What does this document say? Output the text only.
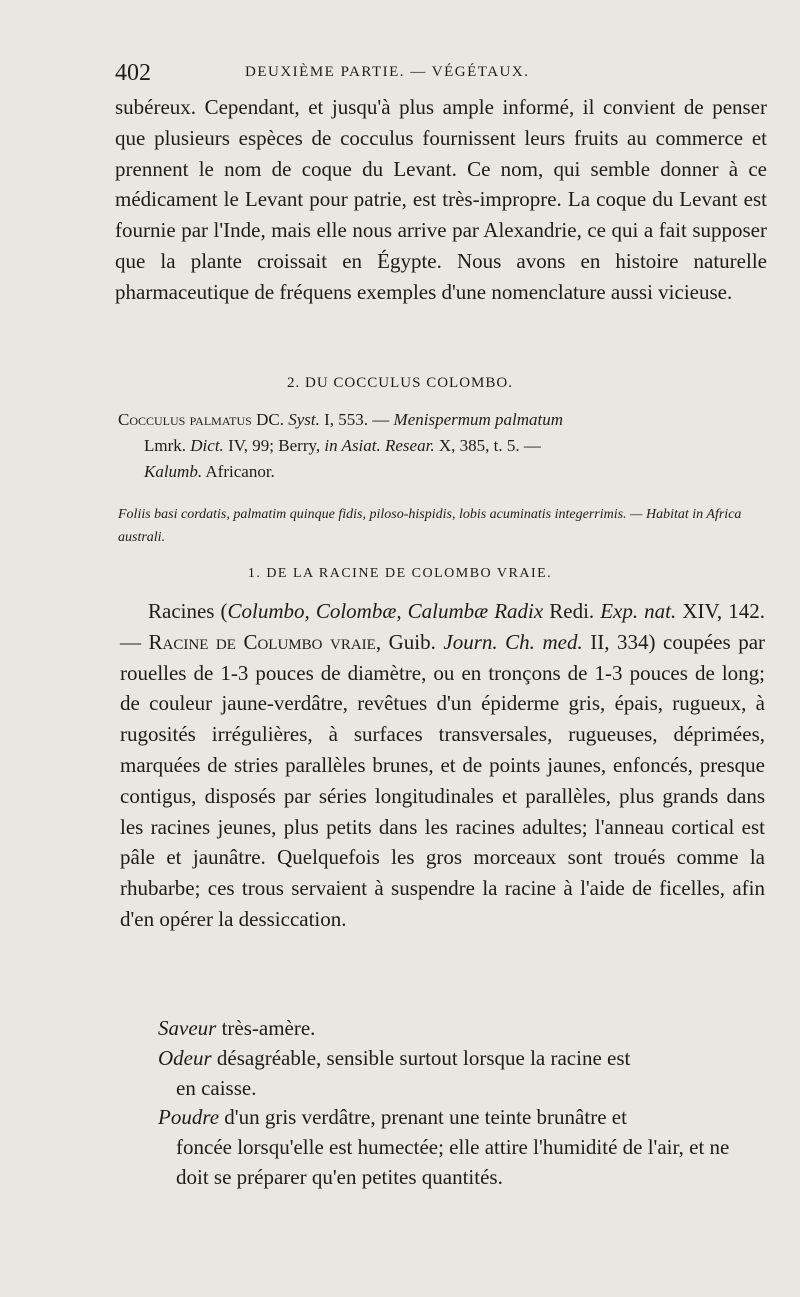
402	DEUXIÈME PARTIE. — VÉGÉTAUX.
subéreux. Cependant, et jusqu'à plus ample informé, il convient de penser que plusieurs espèces de cocculus fournissent leurs fruits au commerce et prennent le nom de coque du Levant. Ce nom, qui semble donner à ce médicament le Levant pour patrie, est très-impropre. La coque du Levant est fournie par l'Inde, mais elle nous arrive par Alexandrie, ce qui a fait supposer que la plante croissait en Égypte. Nous avons en histoire naturelle pharmaceutique de fréquens exemples d'une nomenclature aussi vicieuse.
2. DU COCCULUS COLOMBO.
Cocculus palmatus DC. Syst. I, 553. — Menispermum palmatum
Lmrk. Dict. IV, 99; Berry, in Asiat. Resear. X, 385, t. 5. —
Kalumb. Africanor.
Foliis basi cordatis, palmatim quinque fidis, piloso-hispidis, lobis acuminatis integerrimis. — Habitat in Africa australi.
1. DE LA RACINE DE COLOMBO VRAIE.
Racines (Columbo, Colombæ, Calumbæ Radix Redi. Exp. nat. XIV, 142. — Racine de Columbo vraie, Guib. Journ. Ch. med. II, 334) coupées par rouelles de 1-3 pouces de diamètre, ou en tronçons de 1-3 pouces de long; de couleur jaune-verdâtre, revêtues d'un épiderme gris, épais, rugueux, à rugosités irrégulières, à surfaces transversales, rugueuses, déprimées, marquées de stries parallèles brunes, et de points jaunes, enfoncés, presque contigus, disposés par séries longitudinales et parallèles, plus grands dans les racines jeunes, plus petits dans les racines adultes; l'anneau cortical est pâle et jaunâtre. Quelquefois les gros morceaux sont troués comme la rhubarbe; ces trous servaient à suspendre la racine à l'aide de ficelles, afin d'en opérer la dessiccation.
Saveur très-amère.
Odeur désagréable, sensible surtout lorsque la racine est
en caisse.
Poudre d'un gris verdâtre, prenant une teinte brunâtre et
foncée lorsqu'elle est humectée; elle attire l'humidité de l'air, et ne doit se préparer qu'en petites quantités.
